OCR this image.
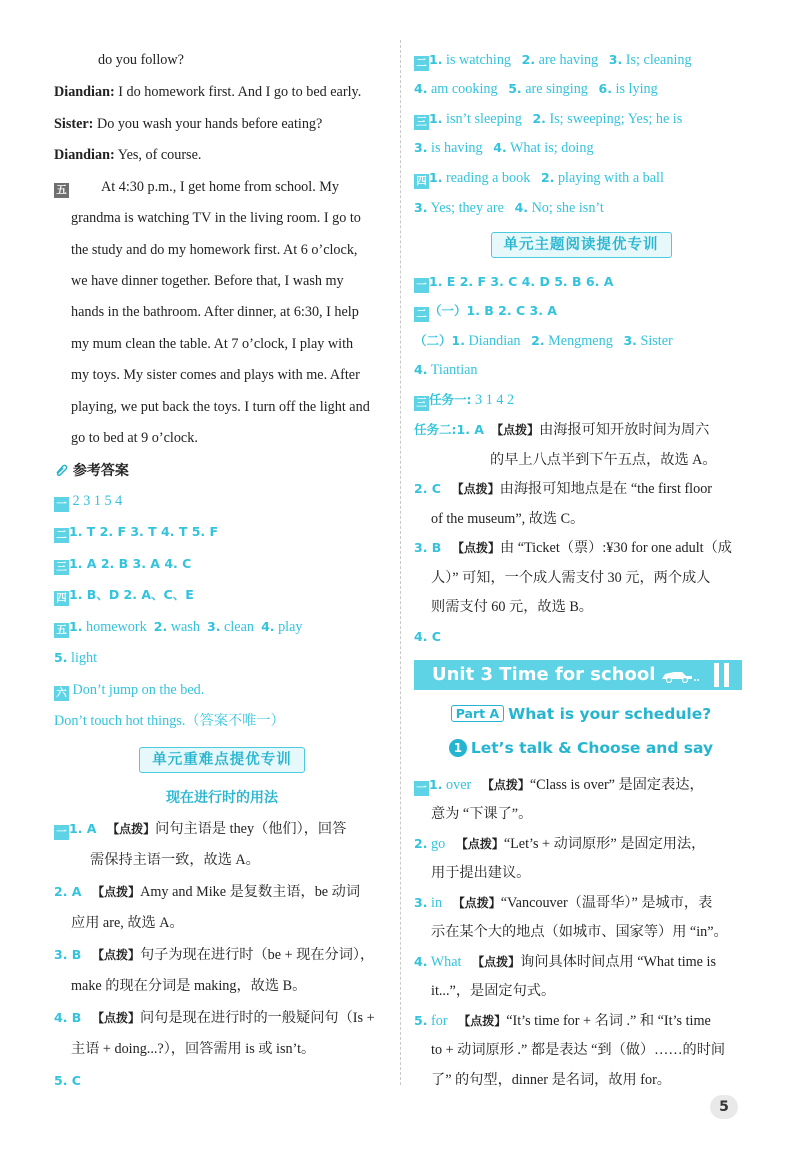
do you follow?
Diandian: I do homework first. And I go to bed early.
Sister: Do you wash your hands before eating?
Diandian: Yes, of course.
五 At 4:30 p.m., I get home from school. My
grandma is watching TV in the living room. I go to
the study and do my homework first. At 6 o’clock,
we have dinner together. Before that, I wash my
hands in the bathroom. After dinner, at 6:30, I help
my mum clean the table. At 7 o’clock, I play with
my toys. My sister comes and plays with me. After
playing, we put back the toys. I turn off the light and
go to bed at 9 o’clock.
参考答案
一 2 3 1 5 4
二 1. T 2. F 3. T 4. T 5. F
三 1. A 2. B 3. A 4. C
四 1. B、D 2. A、C、E
五 1. homework 2. wash 3. clean 4. play
5. light
六 Don’t jump on the bed.
Don’t touch hot things.（答案不唯一）
单元重难点提优专训
现在进行时的用法
一 1. A 【点拨】问句主语是 they（他们），回答
需保持主语一致，故选 A。
2. A 【点拨】Amy and Mike 是复数主语，be 动词
应用 are, 故选 A。
3. B 【点拨】句子为现在进行时（be + 现在分词），
make 的现在分词是 making，故选 B。
4. B 【点拨】问句是现在进行时的一般疑问句（Is +
主语 + doing...?），回答需用 is 或 isn’t。
5. C
二 1. is watching 2. are having 3. Is; cleaning
4. am cooking 5. are singing 6. is lying
三 1. isn’t sleeping 2. Is; sweeping; Yes; he is
3. is having 4. What is; doing
四 1. reading a book 2. playing with a ball
3. Yes; they are 4. No; she isn’t
单元主题阅读提优专训
一 1. E 2. F 3. C 4. D 5. B 6. A
二 （一）1. B 2. C 3. A
（二）1. Diandian 2. Mengmeng 3. Sister
4. Tiantian
三 任务一: 3 1 4 2
任务二:1. A 【点拨】由海报可知开放时间为周六
的早上八点半到下午五点，故选 A。
2. C 【点拨】由海报可知地点是在 “the first floor
of the museum”, 故选 C。
3. B 【点拨】由 “Ticket（票）:¥30 for one adult（成
人）” 可知，一个成人需支付 30 元，两个成人
则需支付 60 元，故选 B。
4. C
Unit 3 Time for school
Part A What is your schedule?
1 Let’s talk & Choose and say
一 1. over 【点拨】“Class is over” 是固定表达，
意为 “下课了”。
2. go 【点拨】“Let’s + 动词原形” 是固定用法，
用于提出建议。
3. in 【点拨】“Vancouver（温哥华）” 是城市，表
示在某个大的地点（如城市、国家等）用 “in”。
4. What 【点拨】询问具体时间点用 “What time is
it...”，是固定句式。
5. for 【点拨】“It’s time for + 名词 .” 和 “It’s time
to + 动词原形 .” 都是表达 “到（做）……的时间
了” 的句型，dinner 是名词，故用 for。
5
